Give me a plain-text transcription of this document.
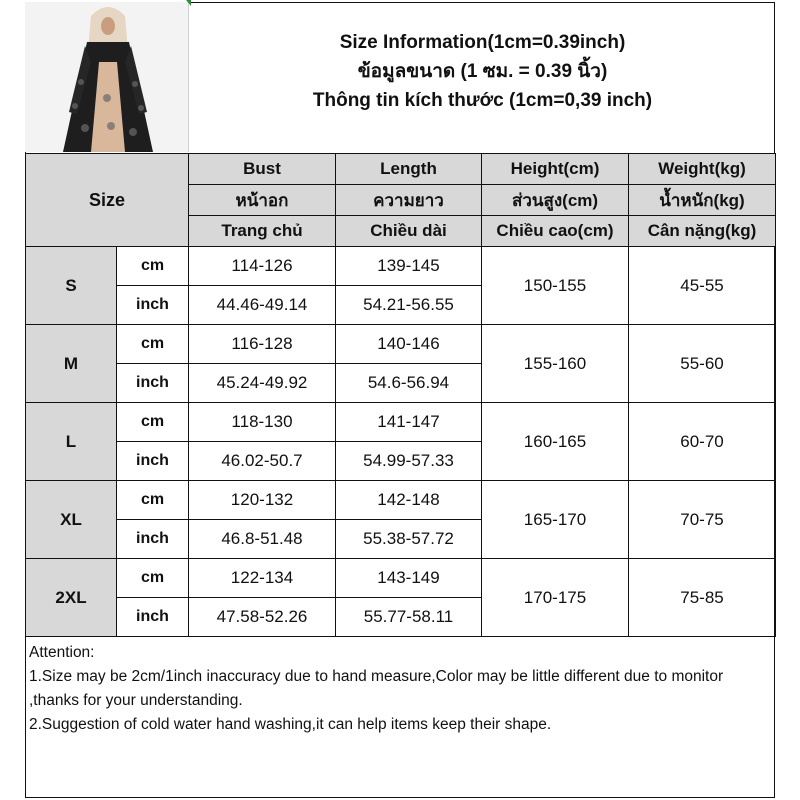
Size Information(1cm=0.39inch)
ข้อมูลขนาด (1 ซม. = 0.39 นิ้ว)
Thông tin kích thước (1cm=0,39 inch)
Size		Bust	Length	Height(cm)	Weight(kg)
		หน้าอก	ความยาว	ส่วนสูง(cm)	น้ำหนัก(kg)
		Trang chủ	Chiều dài	Chiều cao(cm)	Cân nặng(kg)
S	cm	114-126	139-145	150-155	45-55
	inch	44.46-49.14	54.21-56.55		
M	cm	116-128	140-146	155-160	55-60
	inch	45.24-49.92	54.6-56.94		
L	cm	118-130	141-147	160-165	60-70
	inch	46.02-50.7	54.99-57.33		
XL	cm	120-132	142-148	165-170	70-75
	inch	46.8-51.48	55.38-57.72		
2XL	cm	122-134	143-149	170-175	75-85
	inch	47.58-52.26	55.77-58.11		
Attention:
1.Size may be 2cm/1inch inaccuracy due to hand measure,Color may be little different due to monitor ,thanks for your understanding.
2.Suggestion of cold water hand washing,it can help items keep their shape.
